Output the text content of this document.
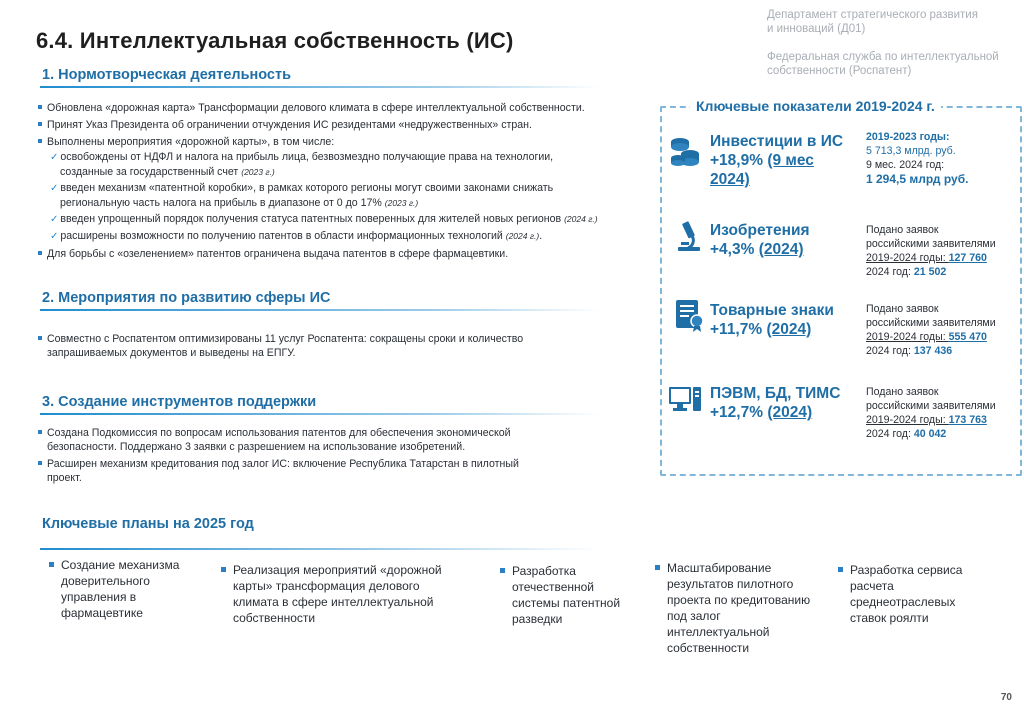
6.4. Интеллектуальная собственность (ИС)
Департамент стратегического развития
и инноваций (Д01)
Федеральная служба по интеллектуальной
собственности (Роспатент)
1. Нормотворческая деятельность
Обновлена «дорожная карта» Трансформации делового климата в сфере интеллектуальной собственности.
Принят Указ Президента об ограничении отчуждения ИС резидентами «недружественных» стран.
Выполнены мероприятия «дорожной карты», в том числе:
✓ освобождены от НДФЛ и налога на прибыль лица, безвозмездно получающие права на технологии,
созданные за государственный счет (2023 г.)
✓ введен механизм «патентной коробки», в рамках которого регионы могут своими законами снижать
региональную часть налога на прибыль в диапазоне от 0 до 17% (2023 г.)
✓ введен упрощенный порядок получения статуса патентных поверенных для жителей новых регионов (2024 г.)
✓ расширены возможности по получению патентов в области информационных технологий (2024 г.).
Для борьбы с «озеленением» патентов ограничена выдача патентов в сфере фармацевтики.
2. Мероприятия по развитию сферы ИС
Совместно с Роспатентом оптимизированы 11 услуг Роспатента: сокращены сроки и количество
запрашиваемых документов и выведены на ЕПГУ.
3. Создание инструментов поддержки
Создана Подкомиссия по вопросам использования патентов для обеспечения экономической
безопасности. Поддержано 3 заявки с разрешением на использование изобретений.
Расширен механизм кредитования под залог ИС: включение Республика Татарстан в пилотный
проект.
Ключевые показатели 2019-2024 г.
Инвестиции в ИС
+18,9% (9 мес
2024)
2019-2023 годы:
5 713,3 млрд. руб.
9 мес. 2024 год:
1 294,5 млрд руб.
Изобретения
+4,3% (2024)
Подано заявок
российскими заявителями
2019-2024 годы: 127 760
2024 год: 21 502
Товарные знаки
+11,7% (2024)
Подано заявок
российскими заявителями
2019-2024 годы: 555 470
2024 год: 137 436
ПЭВМ, БД, ТИМС
+12,7% (2024)
Подано заявок
российскими заявителями
2019-2024 годы: 173 763
2024 год: 40 042
Ключевые планы на 2025 год
Создание механизма
доверительного
управления в
фармацевтике
Реализация мероприятий «дорожной
карты» трансформация делового
климата в сфере интеллектуальной
собственности
Разработка
отечественной
системы патентной
разведки
Масштабирование
результатов пилотного
проекта по кредитованию
под залог
интеллектуальной
собственности
Разработка сервиса
расчета
среднеотраслевых
ставок роялти
70
